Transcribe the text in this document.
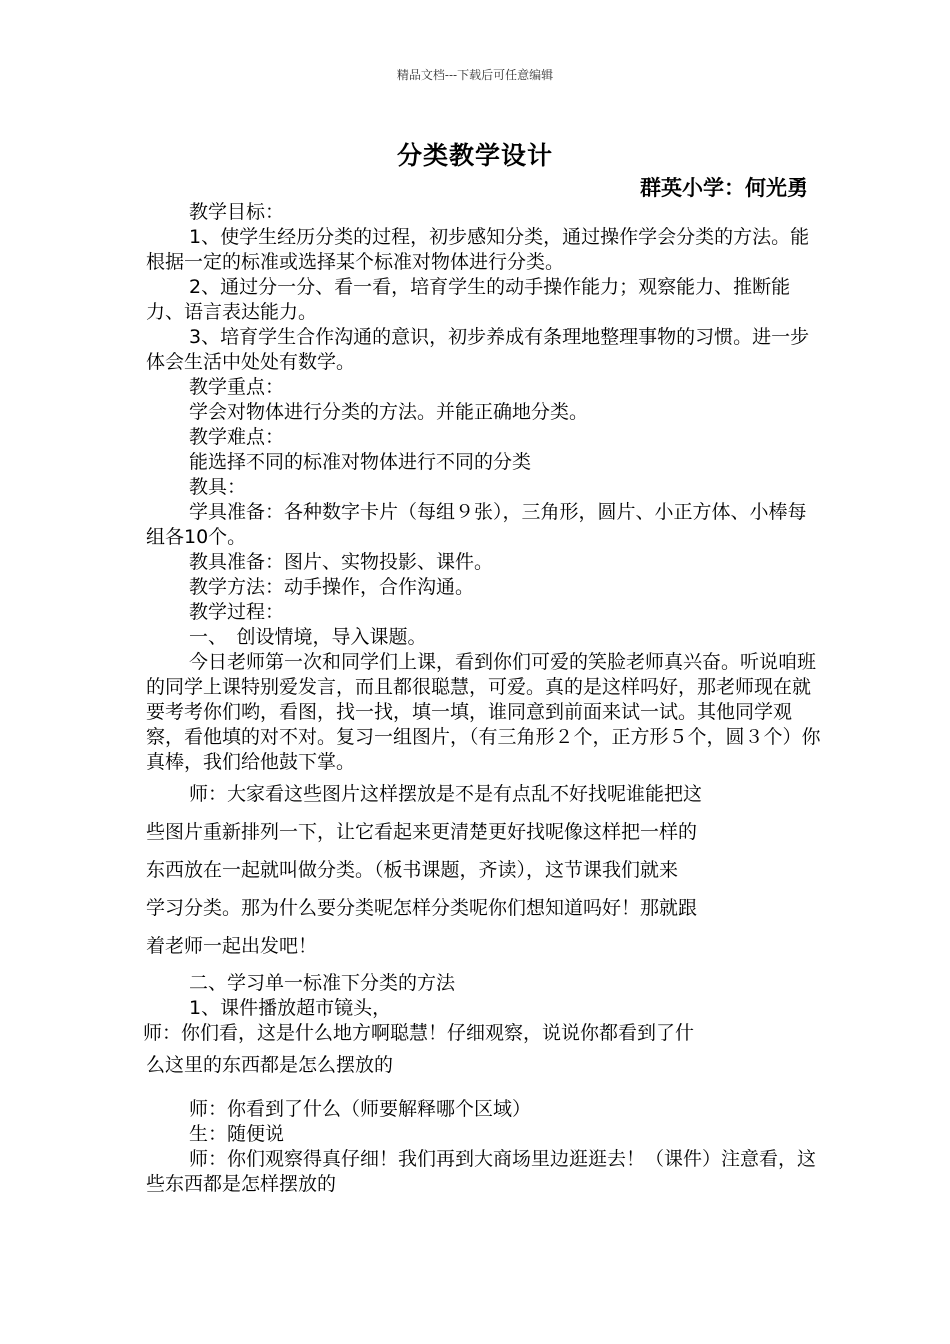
精品文档---下载后可任意编辑
分类教学设计
群英小学：何光勇

教学目标：

1、使学生经历分类的过程，初步感知分类，通过操作学会分类的方法。能根据一定的标准或选择某个标准对物体进行分类。

2、通过分一分、看一看，培育学生的动手操作能力；观察能力、推断能力、语言表达能力。

3、培育学生合作沟通的意识，初步养成有条理地整理事物的习惯。进一步体会生活中处处有数学。

教学重点：

学会对物体进行分类的方法。并能正确地分类。

教学难点：

能选择不同的标准对物体进行不同的分类

教具：

学具准备：各种数字卡片（每组９张），三角形，圆片、小正方体、小棒每组各10个。

教具准备：图片、实物投影、课件。

教学方法：动手操作，合作沟通。

教学过程：

一、　创设情境，导入课题。

今日老师第一次和同学们上课，看到你们可爱的笑脸老师真兴奋。听说咱班的同学上课特别爱发言，而且都很聪慧，可爱。真的是这样吗好，那老师现在就要考考你们哟，看图，找一找，填一填，谁同意到前面来试一试。其他同学观察，看他填的对不对。复习一组图片，（有三角形２个，正方形５个，圆３个）你真棒，我们给他鼓下掌。

师：大家看这些图片这样摆放是不是有点乱不好找呢谁能把这

些图片重新排列一下，让它看起来更清楚更好找呢像这样把一样的

东西放在一起就叫做分类。（板书课题，齐读），这节课我们就来

学习分类。那为什么要分类呢怎样分类呢你们想知道吗好！那就跟

着老师一起出发吧！

二、学习单一标准下分类的方法

1、课件播放超市镜头，

师：你们看，这是什么地方啊聪慧！仔细观察，说说你都看到了什

么这里的东西都是怎么摆放的

师：你看到了什么（师要解释哪个区域）

生：随便说

师：你们观察得真仔细！我们再到大商场里边逛逛去！（课件）注意看，这些东西都是怎样摆放的
